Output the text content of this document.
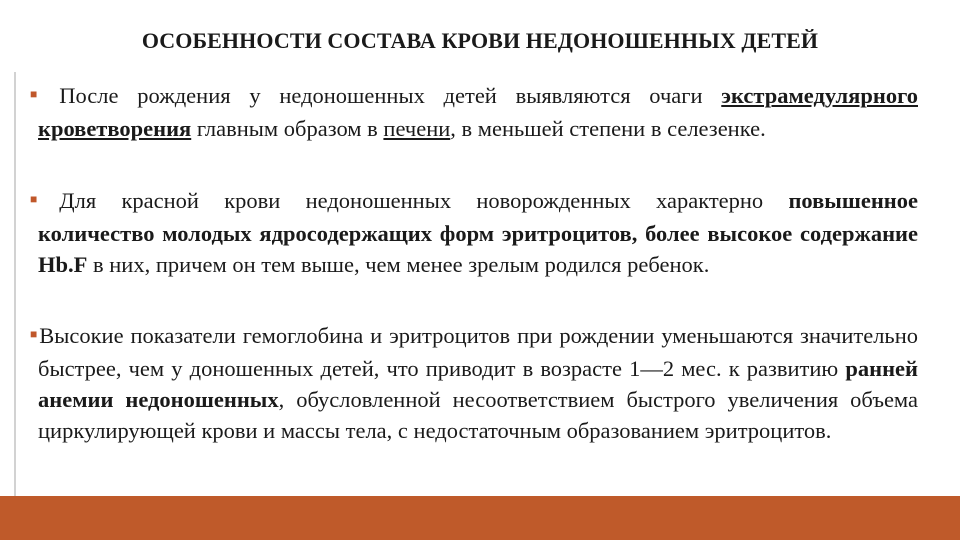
ОСОБЕННОСТИ СОСТАВА КРОВИ НЕДОНОШЕННЫХ ДЕТЕЙ
■ После рождения у недоношенных детей выявляются очаги экстрамедулярного кроветворения главным образом в печени, в меньшей степени в селезенке.
■ Для красной крови недоношенных новорожденных характерно повышенное количество молодых ядросодержащих форм эритроцитов, более высокое содержание Hb.F в них, причем он тем выше, чем менее зрелым родился ребенок.
■Высокие показатели гемоглобина и эритроцитов при рождении уменьшаются значительно быстрее, чем у доношенных детей, что приводит в возрасте 1—2 мес. к развитию ранней анемии недоношенных, обусловленной несоответствием быстрого увеличения объема циркулирующей крови и массы тела, с недостаточным образованием эритроцитов.
